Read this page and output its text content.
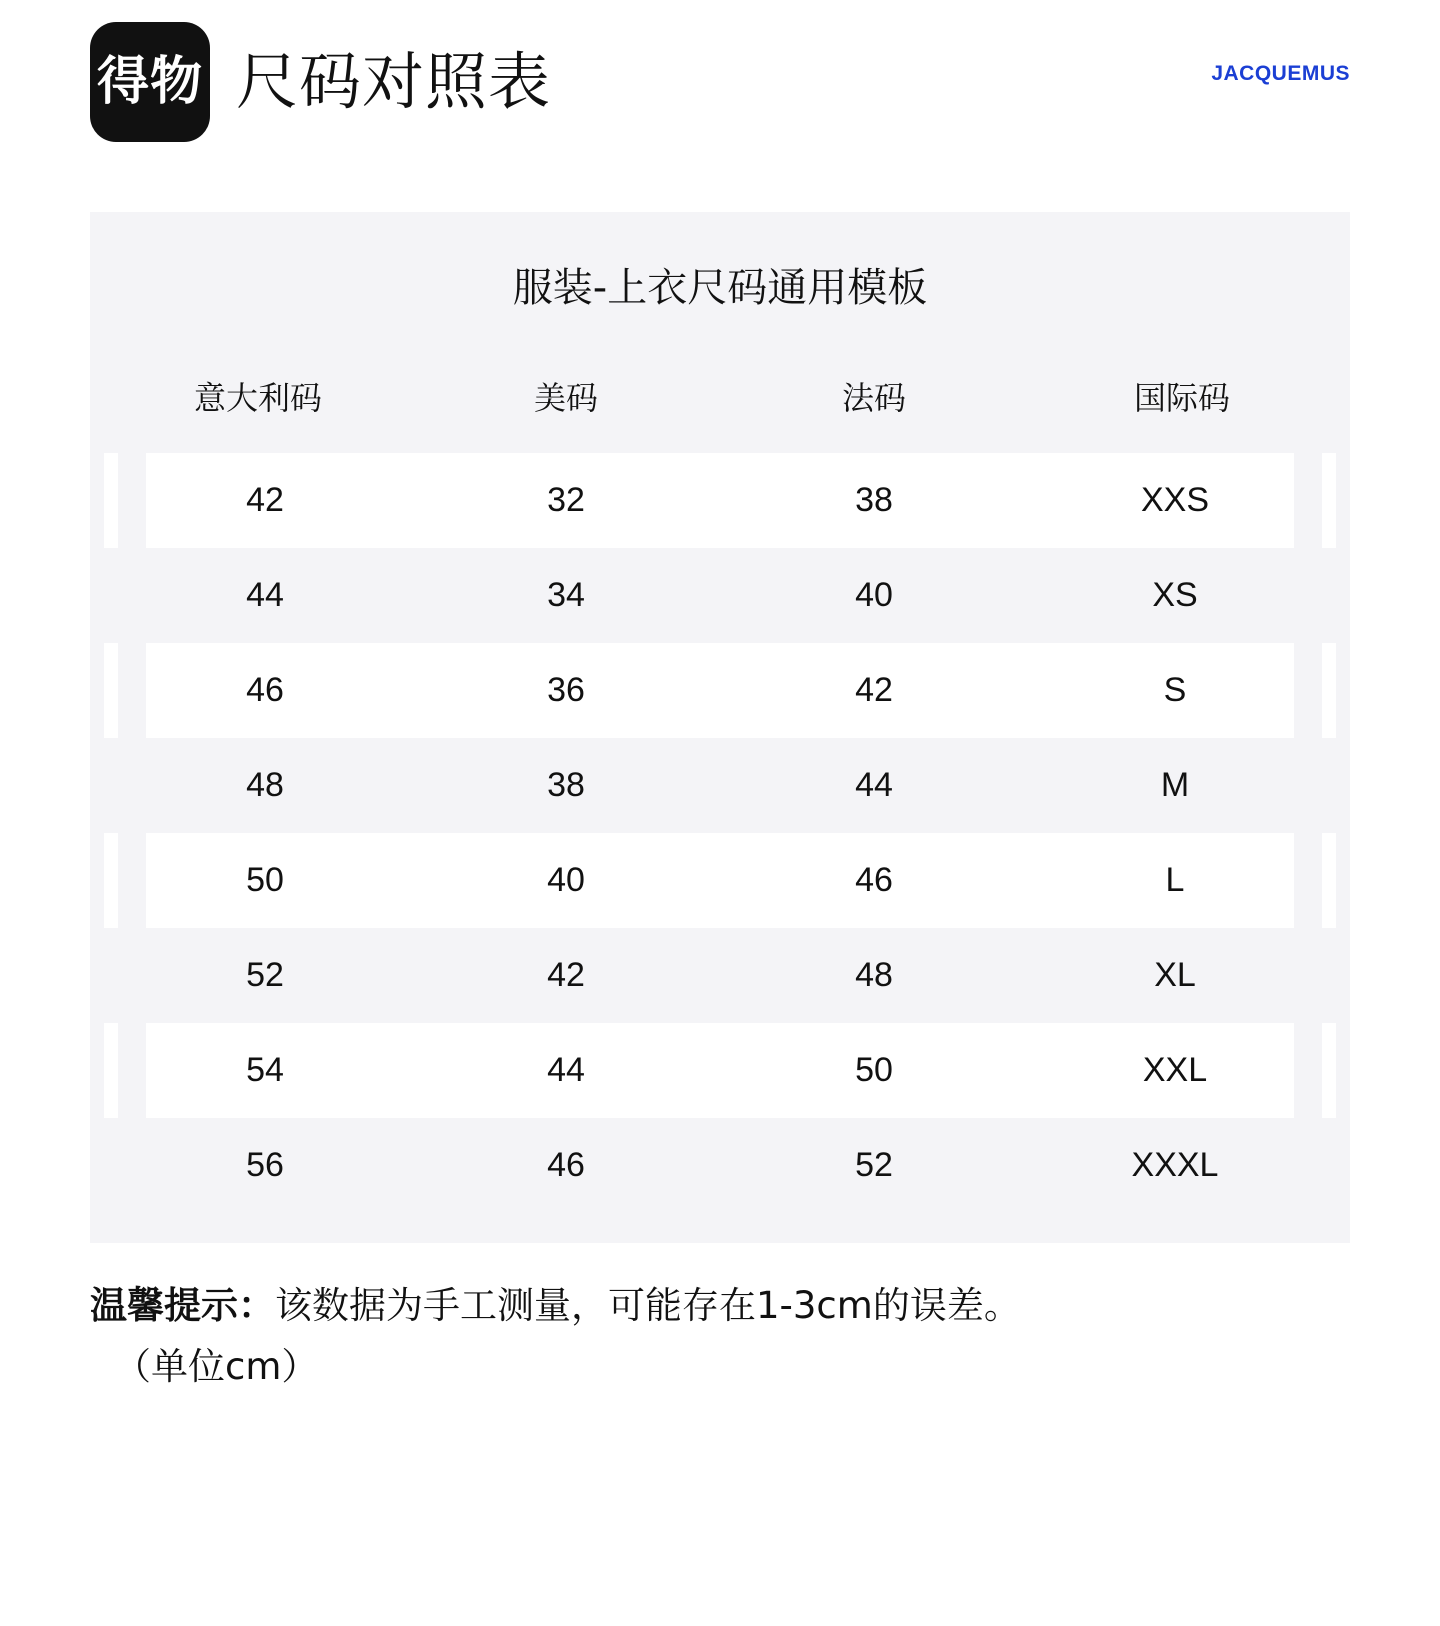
得物 尺码对照表	JACQUEMUS
服装-上衣尺码通用模板
意大利码	美码	法码	国际码
42	32	38	XXS
44	34	40	XS
46	36	42	S
48	38	44	M
50	40	46	L
52	42	48	XL
54	44	50	XXL
56	46	52	XXXL
温馨提示：该数据为手工测量，可能存在1-3cm的误差。
（单位cm）
